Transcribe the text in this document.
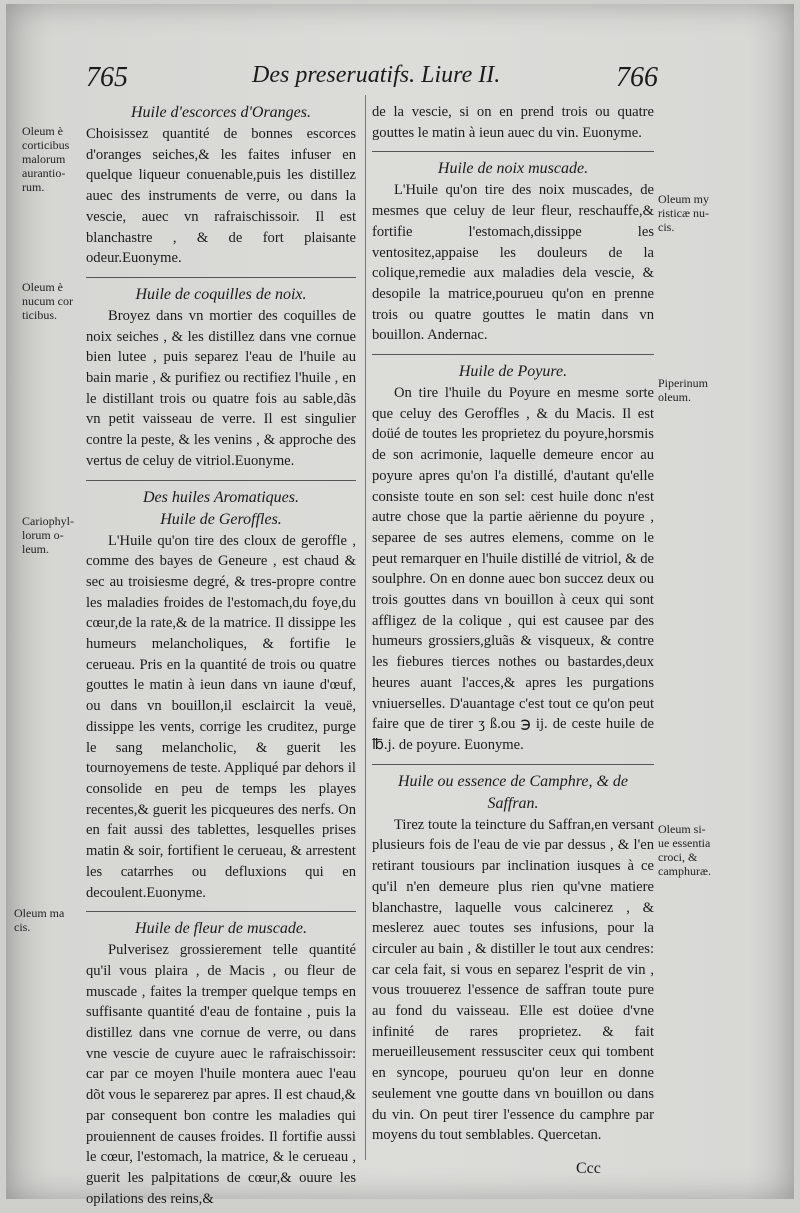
765	Des preseruatifs. Liure II.	766
Huile d'escorces d'Oranges.

Choisissez quantité de bonnes escorces d'oranges seiches,& les faites infuser en quelque liqueur conuenable,puis les distillez auec des instruments de verre, ou dans la vescie, auec vn rafraischissoir. Il est blanchastre , & de fort plaisante odeur.Euonyme.

Huile de coquilles de noix.

Broyez dans vn mortier des coquilles de noix seiches , & les distillez dans vne cornue bien lutee , puis separez l'eau de l'huile au bain marie , & purifiez ou rectifiez l'huile , en le distillant trois ou quatre fois au sable,dãs vn petit vaisseau de verre. Il est singulier contre la peste, & les venins , & approche des vertus de celuy de vitriol.Euonyme.

Des huiles Aromatiques.
Huile de Geroffles.

L'Huile qu'on tire des cloux de geroffle , comme des bayes de Geneure , est chaud & sec au troisiesme degré, & tres-propre contre les maladies froides de l'estomach,du foye,du cœur,de la rate,& de la matrice. Il dissippe les humeurs melancholiques, & fortifie le cerueau. Pris en la quantité de trois ou quatre gouttes le matin à ieun dans vn iaune d'œuf, ou dans vn bouillon,il esclaircit la veuë, dissippe les vents, corrige les cruditez, purge le sang melancholic, & guerit les tournoyemens de teste. Appliqué par dehors il consolide en peu de temps les playes recentes,& guerit les picqueures des nerfs. On en fait aussi des tablettes, lesquelles prises matin & soir, fortifient le cerueau, & arrestent les catarrhes ou defluxions qui en decoulent.Euonyme.

Huile de fleur de muscade.

Pulverisez grossierement telle quantité qu'il vous plaira , de Macis , ou fleur de muscade , faites la tremper quelque temps en suffisante quantité d'eau de fontaine , puis la distillez dans vne cornue de verre, ou dans vne vescie de cuyure auec le rafraischissoir: car par ce moyen l'huile montera auec l'eau dõt vous le separerez par apres. Il est chaud,& par consequent bon contre les maladies qui prouiennent de causes froides. Il fortifie aussi le cœur, l'estomach, la matrice, & le cerueau , guerit les palpitations de cœur,& ouure les opilations des reins,&

de la vescie, si on en prend trois ou quatre gouttes le matin à ieun auec du vin. Euonyme.

Huile de noix muscade.

L'Huile qu'on tire des noix muscades, de mesmes que celuy de leur fleur, reschauffe,& fortifie l'estomach,dissippe les ventositez,appaise les douleurs de la colique,remedie aux maladies dela vescie, & desopile la matrice,pourueu qu'on en prenne trois ou quatre gouttes le matin dans vn bouillon. Andernac.

Huile de Poyure.

On tire l'huile du Poyure en mesme sorte que celuy des Geroffles , & du Macis. Il est doüé de toutes les proprietez du poyure,horsmis de son acrimonie, laquelle demeure encor au poyure apres qu'on l'a distillé, d'autant qu'elle consiste toute en son sel: cest huile donc n'est autre chose que la partie aërienne du poyure , separee de ses autres elemens, comme on le peut remarquer en l'huile distillé de vitriol, & de soulphre. On en donne auec bon succez deux ou trois gouttes dans vn bouillon à ceux qui sont affligez de la colique , qui est causee par des humeurs grossiers,gluãs & visqueux, & contre les fiebures tierces nothes ou bastardes,deux heures auant l'acces,& apres les purgations vniuerselles. D'auantage c'est tout ce qu'on peut faire que de tirer ʒ ß.ou ℈ ij. de ceste huile de ℔.j. de poyure. Euonyme.

Huile ou essence de Camphre, & de Saffran.

Tirez toute la teincture du Saffran,en versant plusieurs fois de l'eau de vie par dessus , & l'en retirant tousiours par inclination iusques à ce qu'il n'en demeure plus rien qu'vne matiere blanchastre, laquelle vous calcinerez , & meslerez auec toutes ses infusions, pour la circuler au bain , & distiller le tout aux cendres: car cela fait, si vous en separez l'esprit de vin , vous trouuerez l'essence de saffran toute pure au fond du vaisseau. Elle est doüee d'vne infinité de rares proprietez. & fait merueilleusement ressusciter ceux qui tombent en syncope, pourueu qu'on leur en donne seulement vne goutte dans vn bouillon ou dans du vin. On peut tirer l'essence du camphre par moyens du tout semblables. Quercetan.

Oleum è
corticibus
malorum
aurantio-
rum.
Oleum è
nucum cor
ticibus.
Cariophyl-
lorum o-
leum.
Oleum ma
cis.
Oleum my
risticæ nu-
cis.
Piperinum
oleum.
Oleum si-
ue essentia
croci, &
camphuræ.
Ccc
